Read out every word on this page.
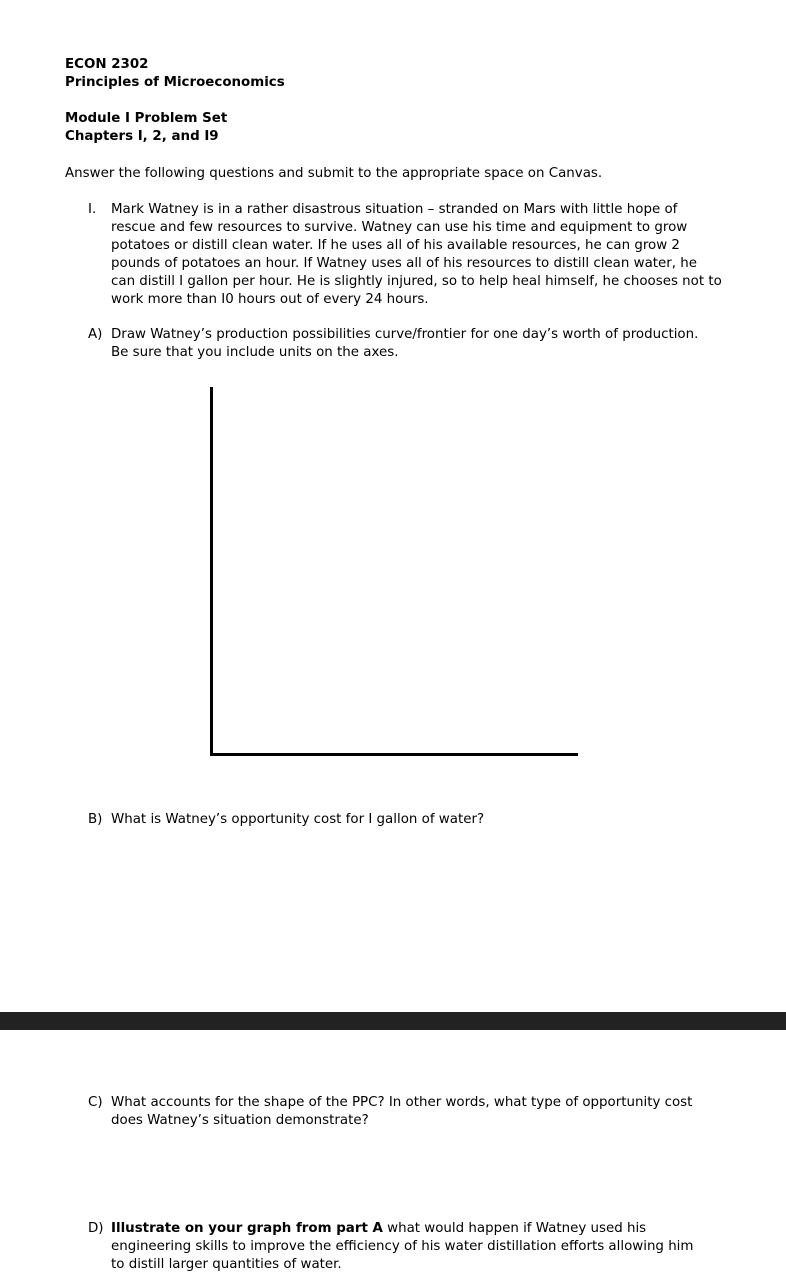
ECON 2302
Principles of Microeconomics
Module I Problem Set
Chapters I, 2, and I9
Answer the following questions and submit to the appropriate space on Canvas.
I. Mark Watney is in a rather disastrous situation – stranded on Mars with little hope of rescue and few resources to survive. Watney can use his time and equipment to grow potatoes or distill clean water. If he uses all of his available resources, he can grow 2 pounds of potatoes an hour. If Watney uses all of his resources to distill clean water, he can distill I gallon per hour. He is slightly injured, so to help heal himself, he chooses not to work more than I0 hours out of every 24 hours.
A) Draw Watney’s production possibilities curve/frontier for one day’s worth of production. Be sure that you include units on the axes.
B) What is Watney’s opportunity cost for I gallon of water?
C) What accounts for the shape of the PPC? In other words, what type of opportunity cost does Watney’s situation demonstrate?
D) Illustrate on your graph from part A what would happen if Watney used his engineering skills to improve the efficiency of his water distillation efforts allowing him to distill larger quantities of water.
